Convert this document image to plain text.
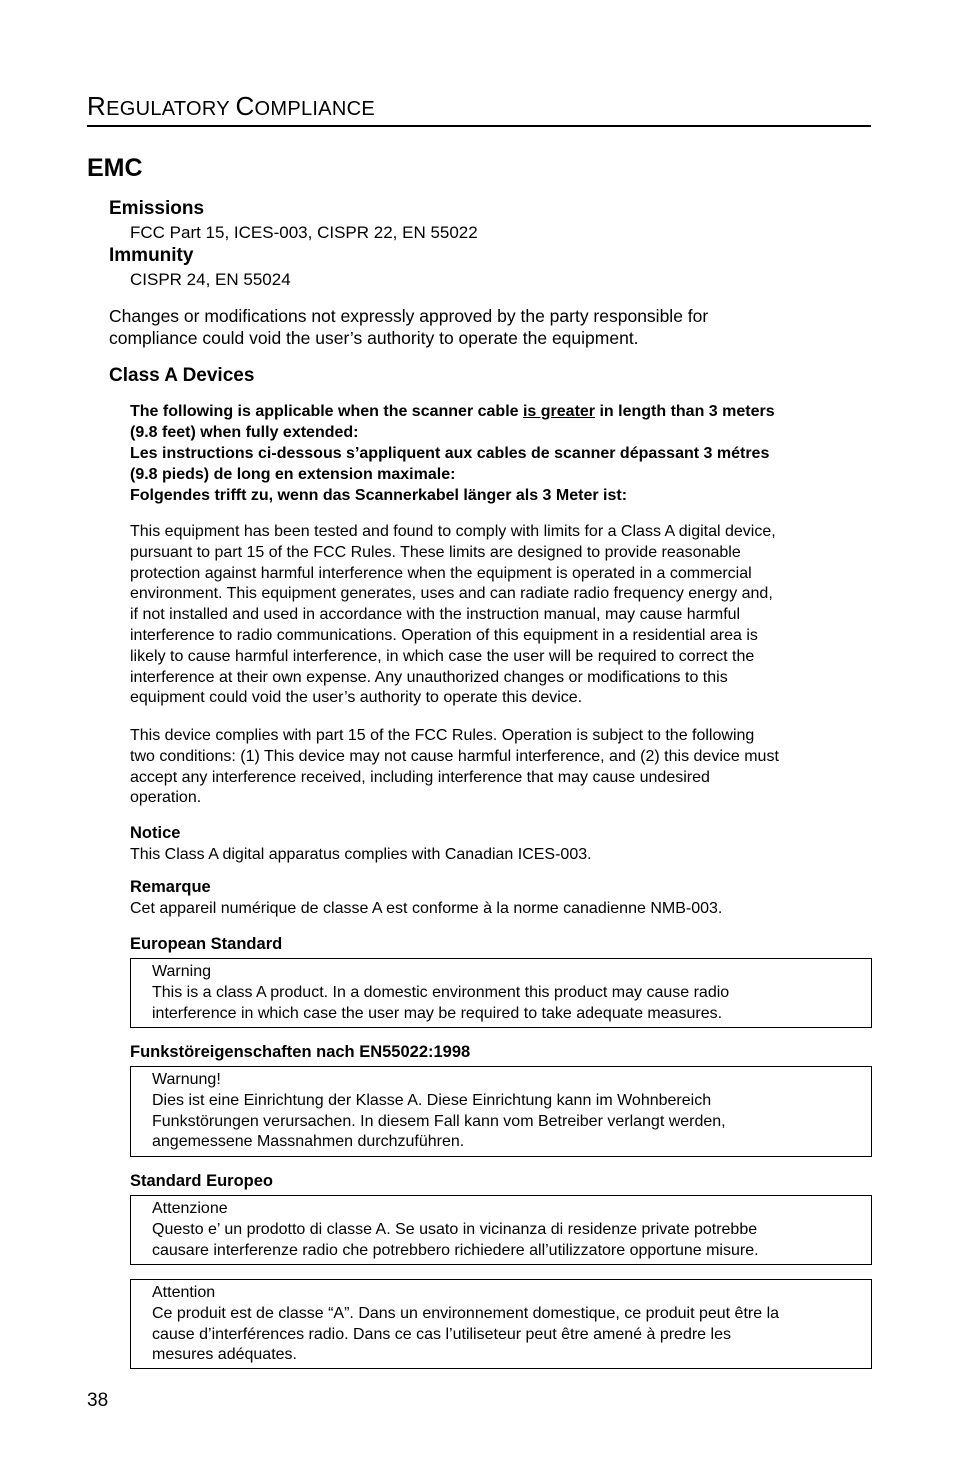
REGULATORY COMPLIANCE
EMC
Emissions
FCC Part 15, ICES-003, CISPR 22, EN 55022
Immunity
CISPR 24, EN 55024
Changes or modifications not expressly approved by the party responsible for
compliance could void the user’s authority to operate the equipment.
Class A Devices
The following is applicable when the scanner cable is greater in length than 3 meters
(9.8 feet) when fully extended:
Les instructions ci-dessous s’appliquent aux cables de scanner dépassant 3 métres
(9.8 pieds) de long en extension maximale:
Folgendes trifft zu, wenn das Scannerkabel länger als 3 Meter ist:
This equipment has been tested and found to comply with limits for a Class A digital device,
pursuant to part 15 of the FCC Rules. These limits are designed to provide reasonable
protection against harmful interference when the equipment is operated in a commercial
environment. This equipment generates, uses and can radiate radio frequency energy and,
if not installed and used in accordance with the instruction manual, may cause harmful
interference to radio communications. Operation of this equipment in a residential area is
likely to cause harmful interference, in which case the user will be required to correct the
interference at their own expense. Any unauthorized changes or modifications to this
equipment could void the user’s authority to operate this device.
This device complies with part 15 of the FCC Rules. Operation is subject to the following
two conditions: (1) This device may not cause harmful interference, and (2) this device must
accept any interference received, including interference that may cause undesired
operation.
Notice
This Class A digital apparatus complies with Canadian ICES-003.
Remarque
Cet appareil numérique de classe A est conforme à la norme canadienne NMB-003.
European Standard
Warning
This is a class A product. In a domestic environment this product may cause radio
interference in which case the user may be required to take adequate measures.
Funkstöreigenschaften nach EN55022:1998
Warnung!
Dies ist eine Einrichtung der Klasse A. Diese Einrichtung kann im Wohnbereich
Funkstörungen verursachen. In diesem Fall kann vom Betreiber verlangt werden,
angemessene Massnahmen durchzuführen.
Standard Europeo
Attenzione
Questo e’ un prodotto di classe A. Se usato in vicinanza di residenze private potrebbe
causare interferenze radio che potrebbero richiedere all’utilizzatore opportune misure.
Attention
Ce produit est de classe “A”. Dans un environnement domestique, ce produit peut être la
cause d’interférences radio. Dans ce cas l’utiliseteur peut être amené à predre les
mesures adéquates.
38
